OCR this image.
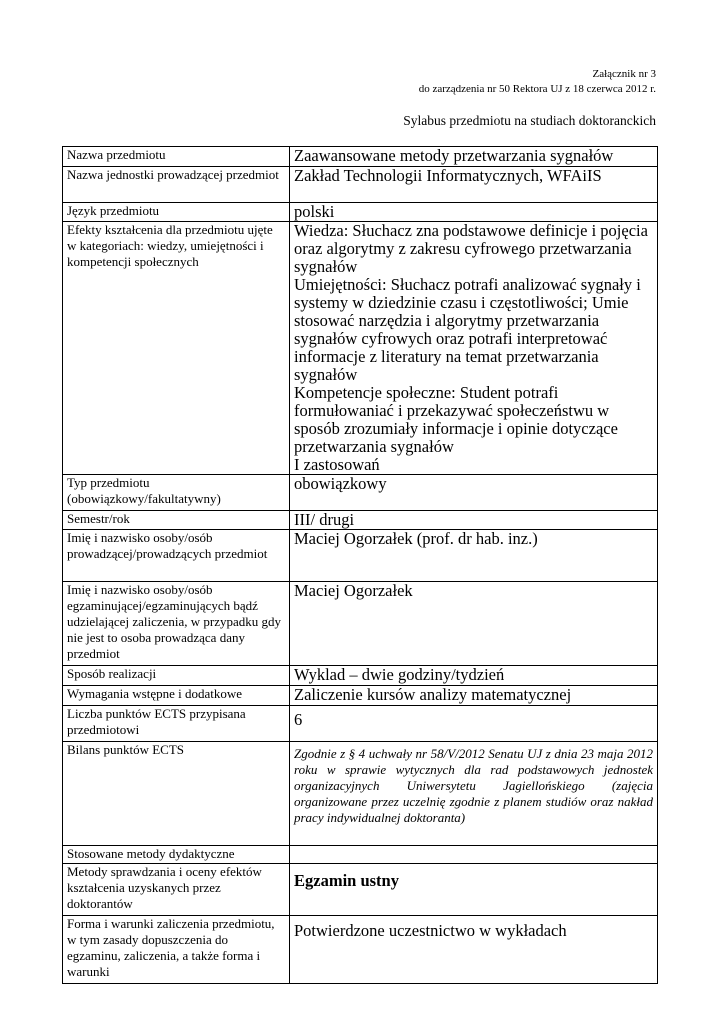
Załącznik nr 3
do zarządzenia nr 50 Rektora UJ z 18 czerwca 2012 r.
Sylabus przedmiotu na studiach doktoranckich
Nazwa przedmiotu	Zaawansowane metody przetwarzania sygnałów
Nazwa jednostki prowadzącej przedmiot	Zakład Technologii Informatycznych, WFAiIS
Język przedmiotu	polski
Efekty kształcenia dla przedmiotu ujęte w kategoriach: wiedzy, umiejętności i kompetencji społecznych	Wiedza: Słuchacz zna podstawowe definicje i pojęcia oraz algorytmy z zakresu cyfrowego przetwarzania sygnałów
Umiejętności: Słuchacz potrafi analizować sygnały i systemy w dziedzinie czasu i częstotliwości; Umie stosować narzędzia i algorytmy przetwarzania sygnałów cyfrowych oraz potrafi interpretować informacje z literatury na temat przetwarzania sygnałów
Kompetencje społeczne: Student potrafi formułowaniać i przekazywać społeczeństwu w sposób zrozumiały informacje i opinie dotyczące przetwarzania sygnałów
I zastosowań

Typ przedmiotu (obowiązkowy/fakultatywny)	obowiązkowy
Semestr/rok	III/ drugi
Imię i nazwisko osoby/osób prowadzącej/prowadzących przedmiot	Maciej Ogorzałek (prof. dr hab. inz.)
Imię i nazwisko osoby/osób egzaminującej/egzaminujących bądź udzielającej zaliczenia, w przypadku gdy nie jest to osoba prowadząca dany przedmiot	Maciej Ogorzałek
Sposób realizacji	Wyklad – dwie godziny/tydzień
Wymagania wstępne i dodatkowe	Zaliczenie kursów analizy matematycznej
Liczba punktów ECTS przypisana przedmiotowi	6
Bilans punktów ECTS	Zgodnie z § 4 uchwały nr 58/V/2012 Senatu UJ z dnia 23 maja 2012 roku w sprawie wytycznych dla rad podstawowych jednostek organizacyjnych Uniwersytetu Jagiellońskiego (zajęcia organizowane przez uczelnię zgodnie z planem studiów oraz nakład pracy indywidualnej doktoranta)
Stosowane metody dydaktyczne	
Metody sprawdzania i oceny efektów kształcenia uzyskanych przez doktorantów	Egzamin ustny
Forma i warunki zaliczenia przedmiotu, w tym zasady dopuszczenia do egzaminu, zaliczenia, a także forma i warunki	Potwierdzone uczestnictwo w wykładach
